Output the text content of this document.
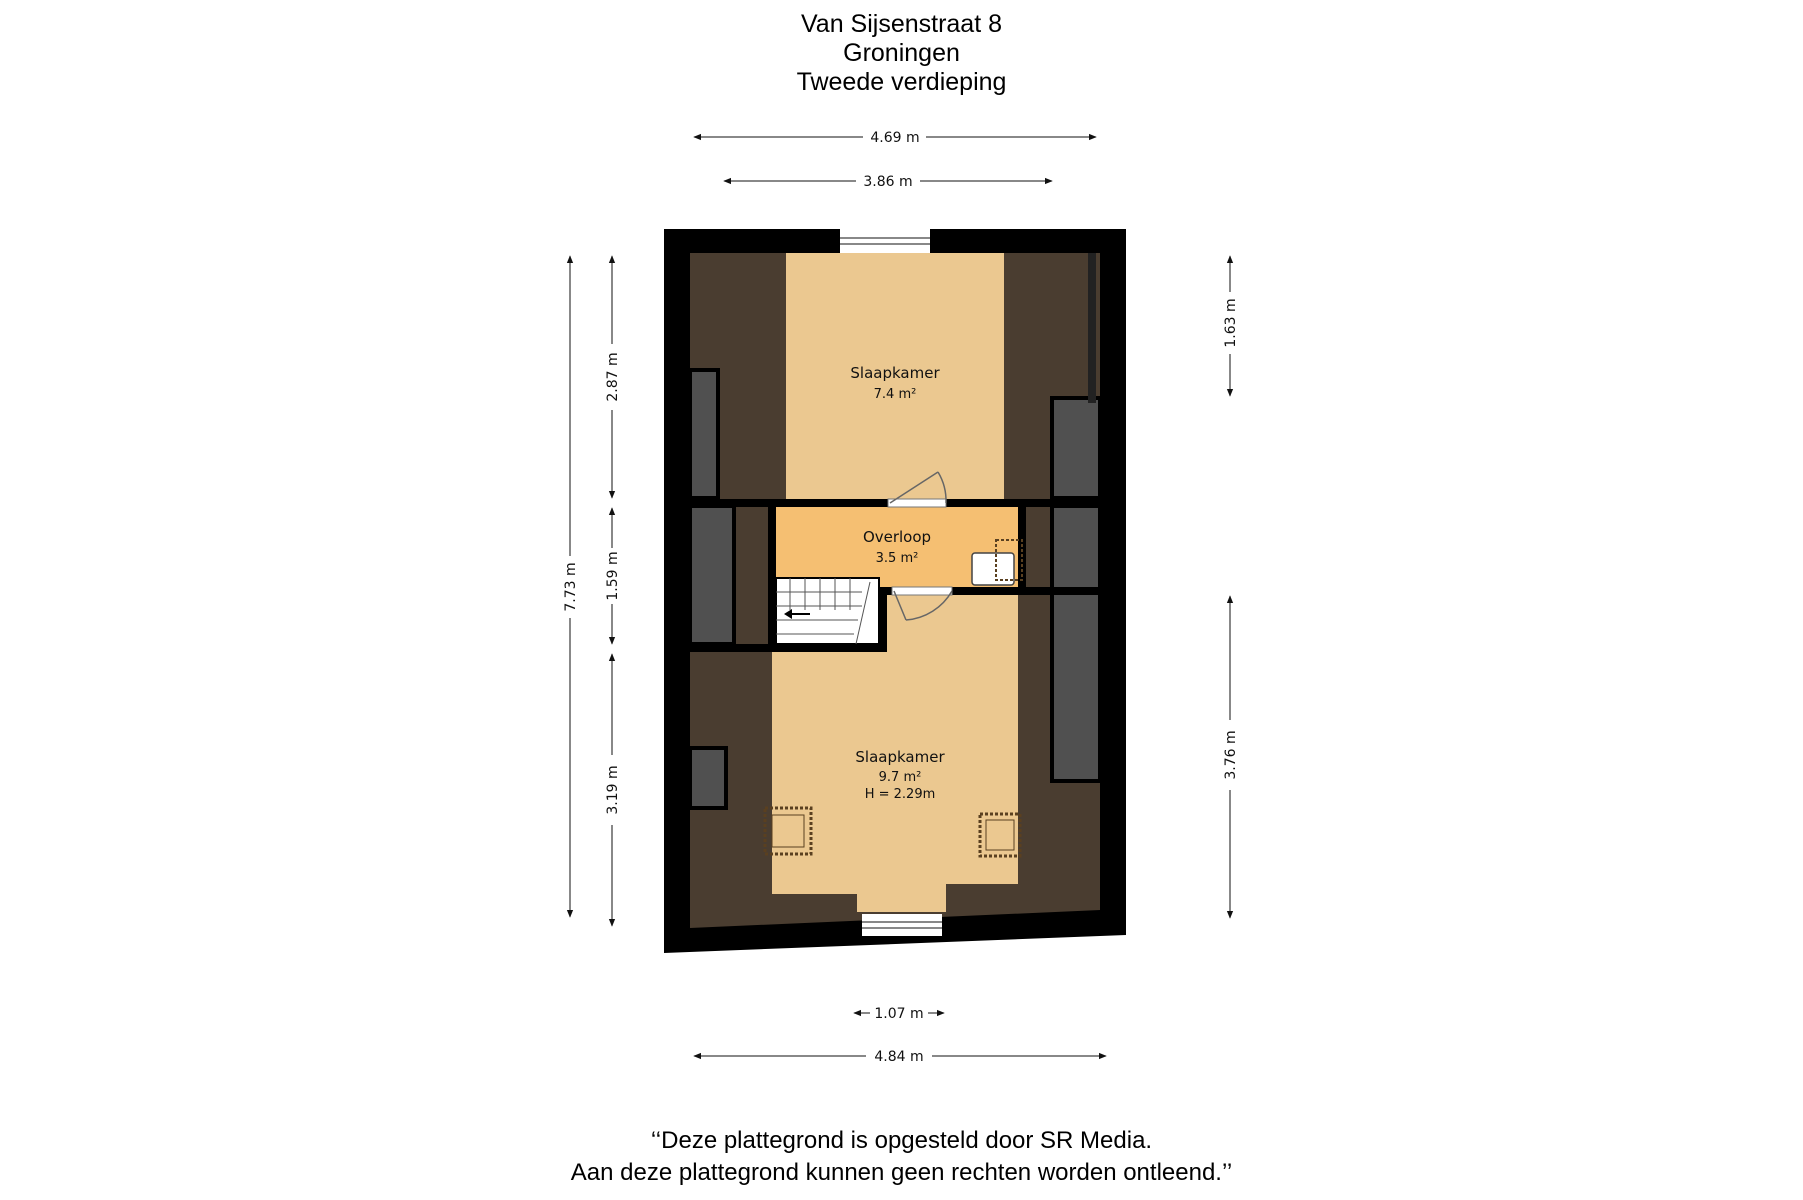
Van Sijsenstraat 8
Groningen
Tweede verdieping
Slaapkamer
7.4 m²
Overloop
3.5 m²
Slaapkamer
9.7 m²
H = 2.29m
4.69 m
3.86 m
7.73 m
2.87 m
1.59 m
3.19 m
1.63 m
3.76 m
1.07 m
4.84 m
‘‘Deze plattegrond is opgesteld door SR Media.
Aan deze plattegrond kunnen geen rechten worden ontleend.’’
